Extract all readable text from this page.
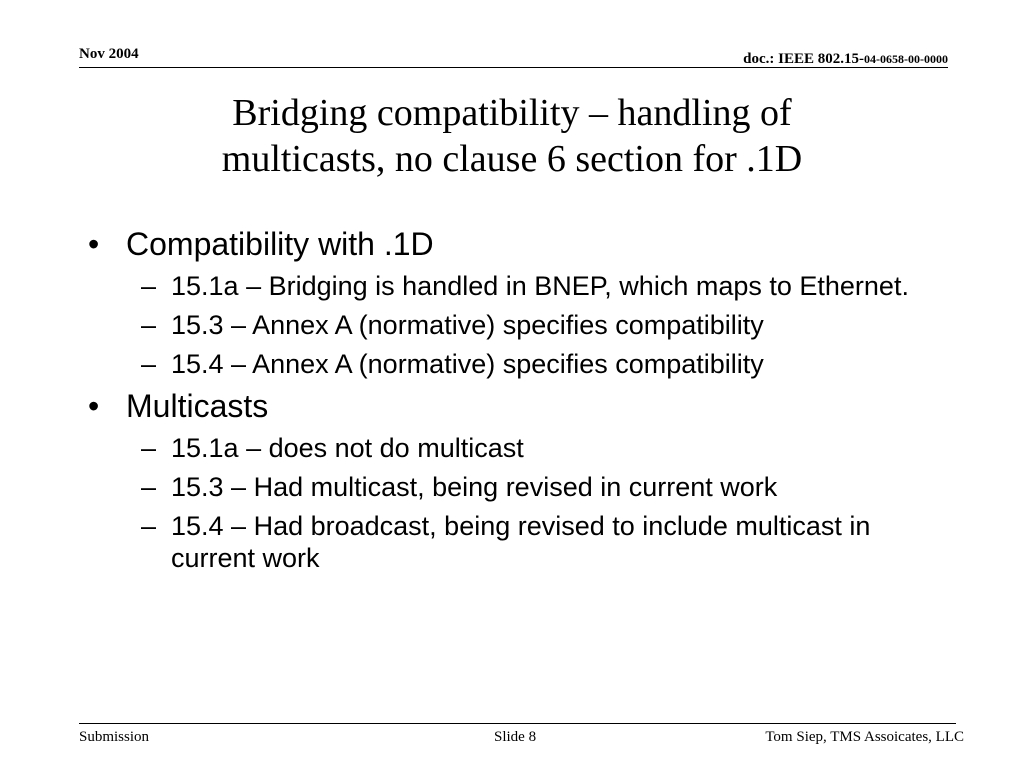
Nov 2004	doc.: IEEE 802.15-04-0658-00-0000
Bridging compatibility – handling of
multicasts, no clause 6 section for .1D
• Compatibility with .1D
– 15.1a – Bridging is handled in BNEP, which maps to Ethernet.
– 15.3 – Annex A (normative) specifies compatibility
– 15.4 – Annex A (normative) specifies compatibility
• Multicasts
– 15.1a – does not do multicast
– 15.3 – Had multicast, being revised in current work
– 15.4 – Had broadcast, being revised to include multicast in current work
Submission	Slide 8	Tom Siep, TMS Assoicates, LLC
